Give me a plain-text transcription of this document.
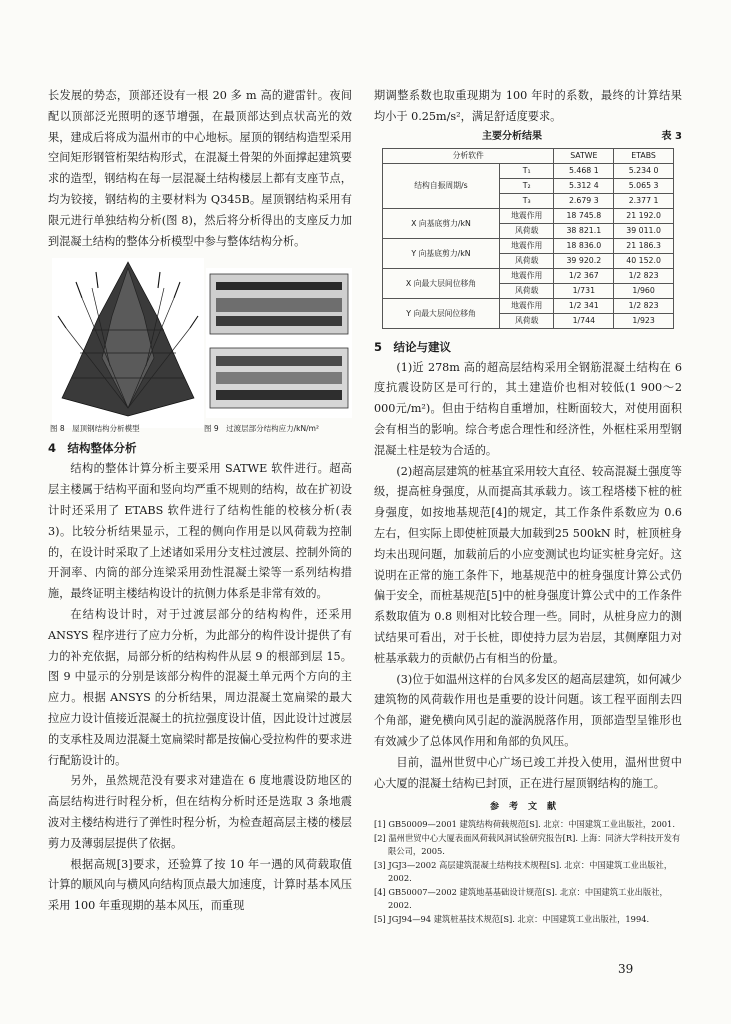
长发展的势态，顶部还设有一根 20 多 m 高的避雷针。夜间配以顶部泛光照明的逐节增强，在最顶部达到点状高光的效果，建成后将成为温州市的中心地标。屋顶的钢结构造型采用空间矩形钢管桁架结构形式，在混凝土骨架的外面撑起建筑要求的造型，钢结构在每一层混凝土结构楼层上都有支座节点，均为铰接，钢结构的主要材料为 Q345B。屋顶钢结构采用有限元进行单独结构分析(图 8)，然后将分析得出的支座反力加到混凝土结构的整体分析模型中参与整体结构分析。

图 8　屋顶钢结构分析模型	图 9　过渡层部分结构应力/kN/m²
4　结构整体分析

结构的整体计算分析主要采用 SATWE 软件进行。超高层主楼属于结构平面和竖向均严重不规则的结构，故在扩初设计时还采用了 ETABS 软件进行了结构性能的校核分析(表 3)。比较分析结果显示，工程的侧向作用是以风荷载为控制的，在设计时采取了上述诸如采用分支柱过渡层、控制外筒的开洞率、内筒的部分连梁采用劲性混凝土梁等一系列结构措施，最终证明主楼结构设计的抗侧力体系是非常有效的。

在结构设计时，对于过渡层部分的结构构件，还采用 ANSYS 程序进行了应力分析，为此部分的构件设计提供了有力的补充依据，局部分析的结构构件从层 9 的根部到层 15。图 9 中显示的分别是该部分构件的混凝土单元两个方向的主应力。根据 ANSYS 的分析结果，周边混凝土宽扁梁的最大拉应力设计值接近混凝土的抗拉强度设计值，因此设计过渡层的支承柱及周边混凝土宽扁梁时都是按偏心受拉构件的要求进行配筋设计的。

另外，虽然规范没有要求对建造在 6 度地震设防地区的高层结构进行时程分析，但在结构分析时还是选取 3 条地震波对主楼结构进行了弹性时程分析，为检查超高层主楼的楼层剪力及薄弱层提供了依据。

根据高规[3]要求，还验算了按 10 年一遇的风荷载取值计算的顺风向与横风向结构顶点最大加速度，计算时基本风压采用 100 年重现期的基本风压，而重现

期调整系数也取重现期为 100 年时的系数，最终的计算结果均小于 0.25m/s²，满足舒适度要求。

主要分析结果	表 3
分析软件		SATWE	ETABS
结构自振周期/s	T₁	5.468 1	5.234 0
	T₂	5.312 4	5.065 3
	T₃	2.679 3	2.377 1
X 向基底剪力/kN	地震作用	18 745.8	21 192.0
	风荷载	38 821.1	39 011.0
Y 向基底剪力/kN	地震作用	18 836.0	21 186.3
	风荷载	39 920.2	40 152.0
X 向最大层间位移角	地震作用	1/2 367	1/2 823
	风荷载	1/731	1/960
Y 向最大层间位移角	地震作用	1/2 341	1/2 823
	风荷载	1/744	1/923
5　结论与建议

(1)近 278m 高的超高层结构采用全钢筋混凝土结构在 6 度抗震设防区是可行的，其土建造价也相对较低(1 900～2 000元/m²)。但由于结构自重增加，柱断面较大，对使用面积会有相当的影响。综合考虑合理性和经济性，外框柱采用型钢混凝土柱是较为合适的。

(2)超高层建筑的桩基宜采用较大直径、较高混凝土强度等级，提高桩身强度，从而提高其承载力。该工程塔楼下桩的桩身强度，如按地基规范[4]的规定，其工作条件系数应为 0.6 左右，但实际上即使桩顶最大加载到25 500kN 时，桩顶桩身均未出现问题，加载前后的小应变测试也均证实桩身完好。这说明在正常的施工条件下，地基规范中的桩身强度计算公式仍偏于安全，而桩基规范[5]中的桩身强度计算公式中的工作条件系数取值为 0.8 则相对比较合理一些。同时，从桩身应力的测试结果可看出，对于长桩，即使持力层为岩层，其侧摩阻力对桩基承载力的贡献仍占有相当的份量。

(3)位于如温州这样的台风多发区的超高层建筑，如何减少建筑物的风荷载作用也是重要的设计问题。该工程平面削去四个角部，避免横向风引起的漩涡脱落作用，顶部造型呈锥形也有效减少了总体风作用和角部的负风压。

目前，温州世贸中心广场已竣工并投入使用，温州世贸中心大厦的混凝土结构已封顶，正在进行屋顶钢结构的施工。

参考文献
[1] GB50009—2001 建筑结构荷载规范[S]. 北京：中国建筑工业出版社，2001.
[2] 温州世贸中心大厦表面风荷载风洞试验研究报告[R]. 上海：同济大学科技开发有限公司，2005.
[3] JGJ3—2002 高层建筑混凝土结构技术规程[S]. 北京：中国建筑工业出版社，2002.
[4] GB50007—2002 建筑地基基础设计规范[S]. 北京：中国建筑工业出版社，2002.
[5] JGJ94—94 建筑桩基技术规范[S]. 北京：中国建筑工业出版社，1994.
39
